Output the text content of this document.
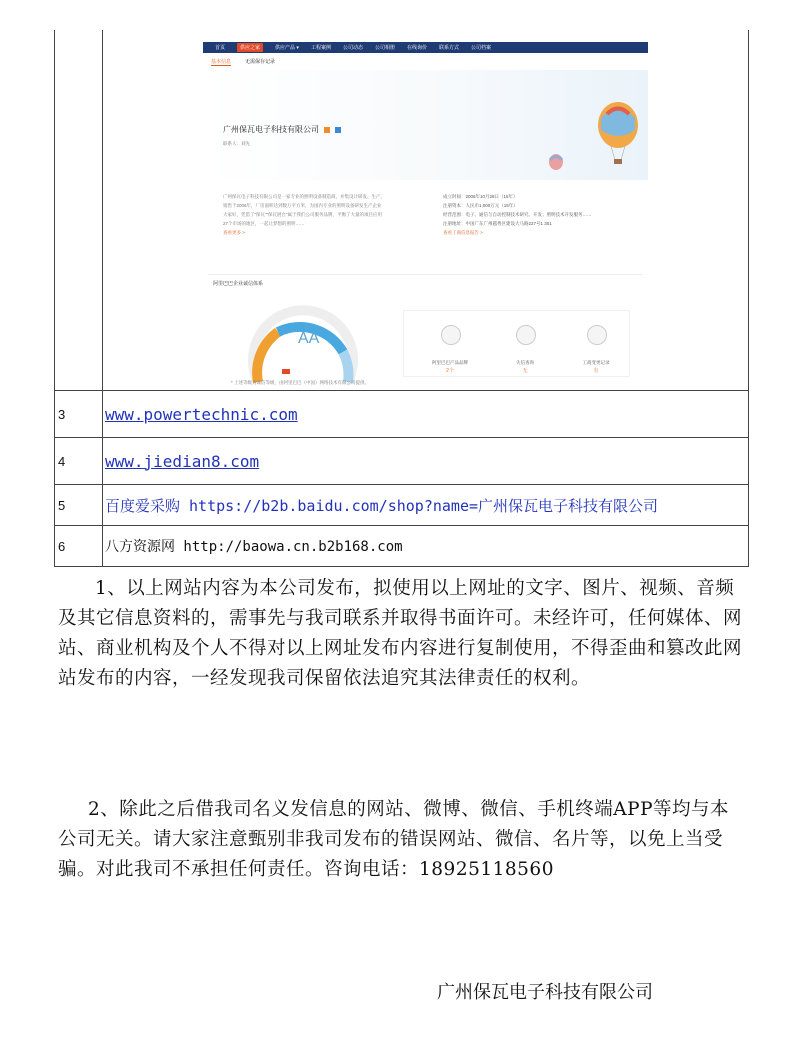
首页	供应之家	供应产品 ▾ 工程案例 公司动态 公司相册 在线询价 联系方式 公司档案
基本信息	无需保存记录
广州保瓦电子科技有限公司
联系人：刘先
广州保瓦电子科技有限公司是一家专业的照明设备制造商，并集设计研发、生产、
销售于2006年，厂房面积达到数万平方米，为国内专业的照明设备研发生产企业
大家好，凭借了“保瓦”“保瓦展台”属于我们公司服务品牌，平衡了大量的项目应用
27个市场的地区，一起让梦想的照明……
查看更多 >
成立时间：2006年10月28日（15年）
注册资本：人民币1,000万元（15年）
经营范围：电子、通信与自动控制技术研究、开发；照明技术开发服务……
注册地址：中国广东广州越秀区建设大马路227号1 301
查看工商信息报告 >
阿里巴巴企业诚信体系
AA
* 上述等级为诚信等级，由阿里巴巴（中国）网络技术有限公司提供。
阿里巴巴产品品牌	失信查询	工商变更记录
2个	无	有
3	www.powertechnic.com
4	www.jiedian8.com
5	百度爱采购 https://b2b.baidu.com/shop?name=广州保瓦电子科技有限公司
6	八方资源网 http://baowa.cn.b2b168.com

1、以上网站内容为本公司发布，拟使用以上网址的文字、图片、视频、音频及其它信息资料的，需事先与我司联系并取得书面许可。未经许可，任何媒体、网站、商业机构及个人不得对以上网址发布内容进行复制使用，不得歪曲和篡改此网站发布的内容，一经发现我司保留依法追究其法律责任的权利。

2、除此之后借我司名义发信息的网站、微博、微信、手机终端APP等均与本公司无关。请大家注意甄别非我司发布的错误网站、微信、名片等，以免上当受骗。对此我司不承担任何责任。咨询电话：18925118560

广州保瓦电子科技有限公司
